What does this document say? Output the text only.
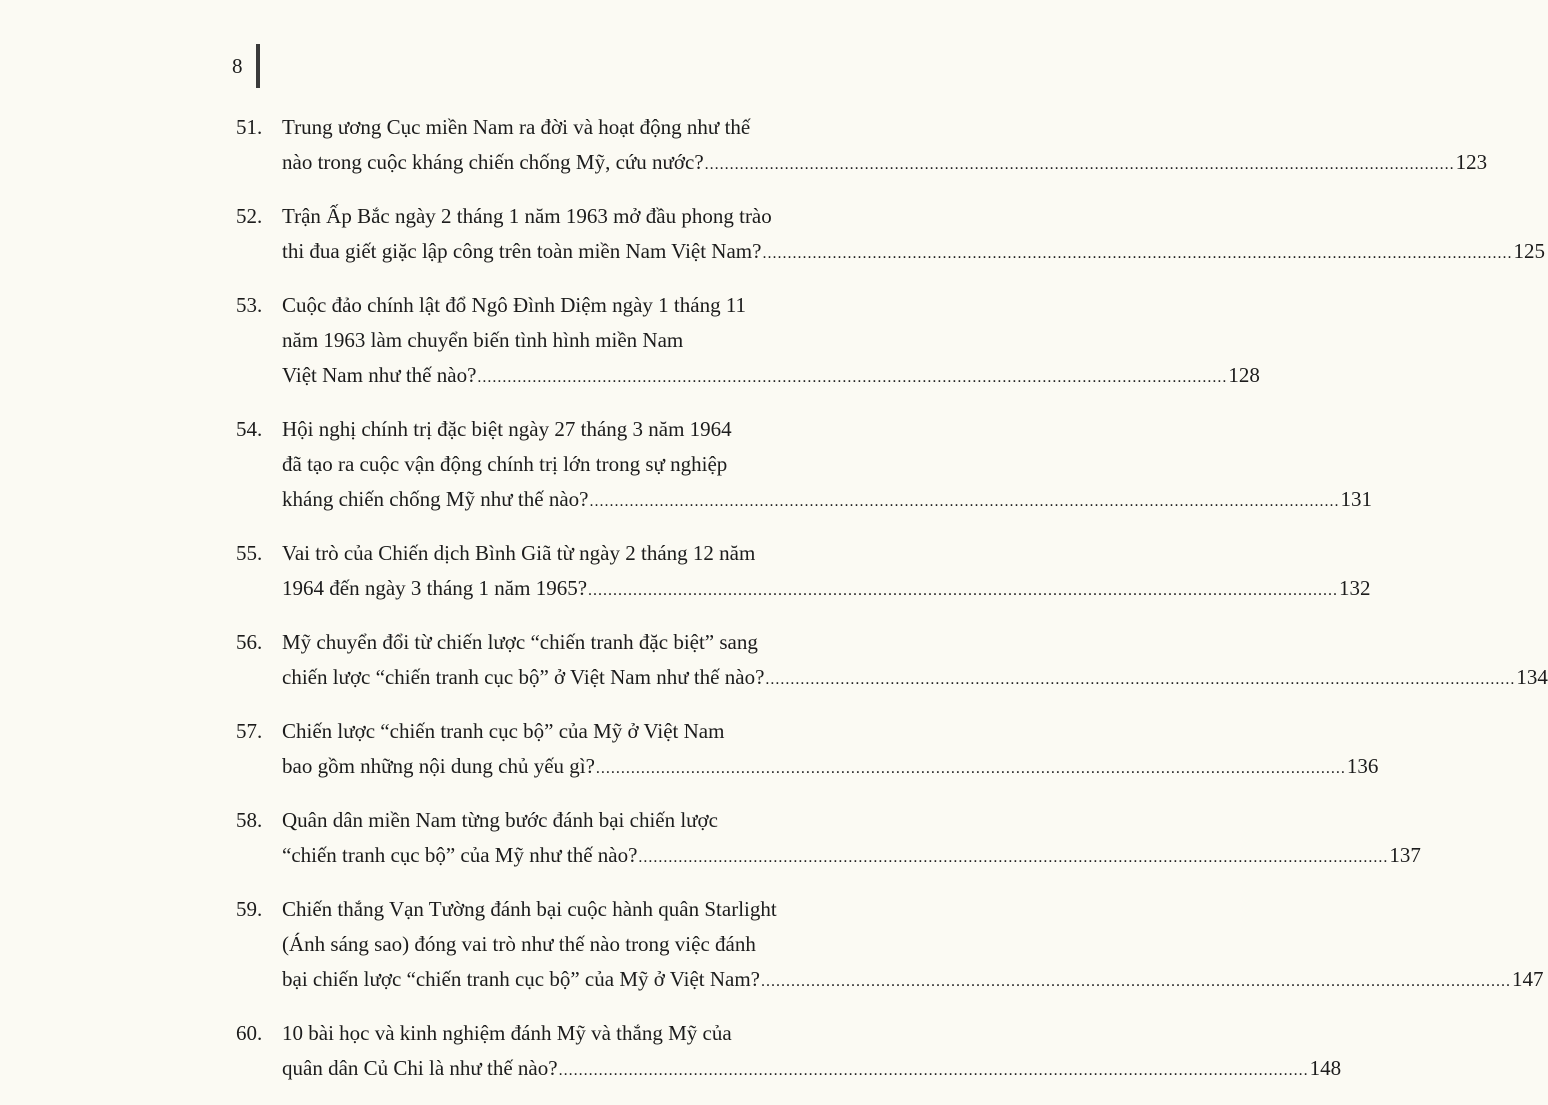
8
51. Trung ương Cục miền Nam ra đời và hoạt động như thế
nào trong cuộc kháng chiến chống Mỹ, cứu nước? .....	123
52. Trận Ấp Bắc ngày 2 tháng 1 năm 1963 mở đầu phong trào
thi đua giết giặc lập công trên toàn miền Nam Việt Nam? .....	125
53. Cuộc đảo chính lật đổ Ngô Đình Diệm ngày 1 tháng 11
năm 1963 làm chuyển biến tình hình miền Nam
Việt Nam như thế nào? .....	128
54. Hội nghị chính trị đặc biệt ngày 27 tháng 3 năm 1964
đã tạo ra cuộc vận động chính trị lớn trong sự nghiệp
kháng chiến chống Mỹ như thế nào? .....	131
55. Vai trò của Chiến dịch Bình Giã từ ngày 2 tháng 12 năm
1964 đến ngày 3 tháng 1 năm 1965? .....	132
56. Mỹ chuyển đổi từ chiến lược “chiến tranh đặc biệt” sang
chiến lược “chiến tranh cục bộ” ở Việt Nam như thế nào? .....	134
57. Chiến lược “chiến tranh cục bộ” của Mỹ ở Việt Nam
bao gồm những nội dung chủ yếu gì? .....	136
58. Quân dân miền Nam từng bước đánh bại chiến lược
“chiến tranh cục bộ” của Mỹ như thế nào? .....	137
59. Chiến thắng Vạn Tường đánh bại cuộc hành quân Starlight
(Ánh sáng sao) đóng vai trò như thế nào trong việc đánh
bại chiến lược “chiến tranh cục bộ” của Mỹ ở Việt Nam? .....	147
60. 10 bài học và kinh nghiệm đánh Mỹ và thắng Mỹ của
quân dân Củ Chi là như thế nào? .....	148
